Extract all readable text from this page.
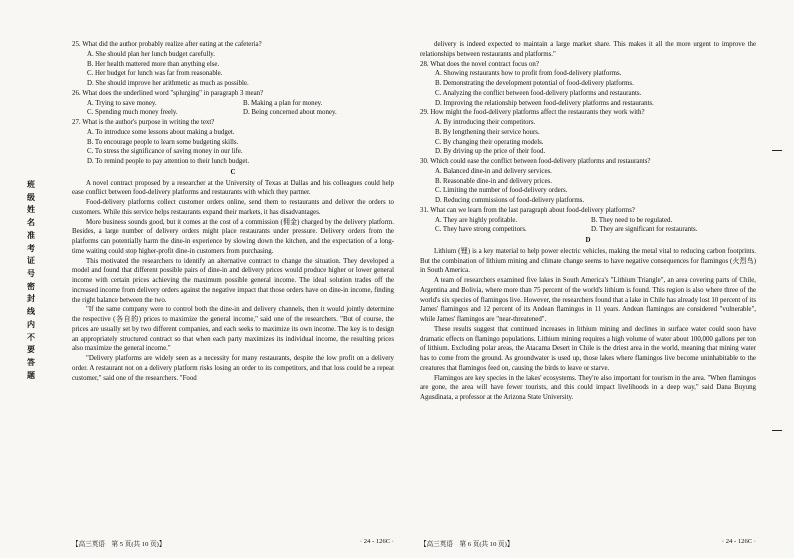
班
级
姓
名
准
考
证
号
密
封
线
内
不
要
答
题
25. What did the author probably realize after eating at the cafeteria?
A. She should plan her lunch budget carefully.
B. Her health mattered more than anything else.
C. Her budget for lunch was far from reasonable.
D. She should improve her arithmetic as much as possible.
26. What does the underlined word "splurging" in paragraph 3 mean?
A. Trying to save money.	B. Making a plan for money.
C. Spending much money freely.	D. Being concerned about money.
27. What is the author's purpose in writing the text?
A. To introduce some lessons about making a budget.
B. To encourage people to learn some budgeting skills.
C. To stress the significance of saving money in our life.
D. To remind people to pay attention to their lunch budget.
C
A novel contract proposed by a researcher at the University of Texas at Dallas and his colleagues could help ease conflict between food-delivery platforms and restaurants with which they partner.
Food-delivery platforms collect customer orders online, send them to restaurants and deliver the orders to customers. While this service helps restaurants expand their markets, it has disadvantages.
More business sounds good, but it comes at the cost of a commission (佣金) charged by the delivery platform. Besides, a large number of delivery orders might place restaurants under pressure. Delivery orders from the platforms can potentially harm the dine-in experience by slowing down the kitchen, and the expectation of a long-time waiting could stop higher-profit dine-in customers from purchasing.
This motivated the researchers to identify an alternative contract to change the situation. They developed a model and found that different possible pairs of dine-in and delivery prices would produce higher or lower general income with certain prices achieving the maximum possible general income. The ideal solution trades off the increased income from delivery orders against the negative impact that those orders have on dine-in income, finding the right balance between the two.
"If the same company were to control both the dine-in and delivery channels, then it would jointly determine the respective (各自的) prices to maximize the general income," said one of the researchers. "But of course, the prices are usually set by two different companies, and each seeks to maximize its own income. The key is to design an appropriately structured contract so that when each party maximizes its individual income, the resulting prices also maximize the general income."
"Delivery platforms are widely seen as a necessity for many restaurants, despite the low profit on a delivery order. A restaurant not on a delivery platform risks losing an order to its competitors, and that loss could be a repeat customer," said one of the researchers. "Food
delivery is indeed expected to maintain a large market share. This makes it all the more urgent to improve the relationships between restaurants and platforms."
28. What does the novel contract focus on?
A. Showing restaurants how to profit from food-delivery platforms.
B. Demonstrating the development potential of food-delivery platforms.
C. Analyzing the conflict between food-delivery platforms and restaurants.
D. Improving the relationship between food-delivery platforms and restaurants.
29. How might the food-delivery platforms affect the restaurants they work with?
A. By introducing their competitors.
B. By lengthening their service hours.
C. By changing their operating models.
D. By driving up the price of their food.
30. Which could ease the conflict between food-delivery platforms and restaurants?
A. Balanced dine-in and delivery services.
B. Reasonable dine-in and delivery prices.
C. Limiting the number of food-delivery orders.
D. Reducing commissions of food-delivery platforms.
31. What can we learn from the last paragraph about food-delivery platforms?
A. They are highly profitable.	B. They need to be regulated.
C. They have strong competitors.	D. They are significant for restaurants.
D
Lithium (锂) is a key material to help power electric vehicles, making the metal vital to reducing carbon footprints. But the combination of lithium mining and climate change seems to have negative consequences for flamingos (火烈鸟) in South America.
A team of researchers examined five lakes in South America's "Lithium Triangle", an area covering parts of Chile, Argentina and Bolivia, where more than 75 percent of the world's lithium is found. This region is also where three of the world's six species of flamingos live. However, the researchers found that a lake in Chile has already lost 10 percent of its James' flamingos and 12 percent of its Andean flamingos in 11 years. Andean flamingos are considered "vulnerable", while James' flamingos are "near-threatened".
These results suggest that continued increases in lithium mining and declines in surface water could soon have dramatic effects on flamingo populations. Lithium mining requires a high volume of water about 100,000 gallons per ton of lithium. Excluding polar areas, the Atacama Desert in Chile is the driest area in the world, meaning that mining water has to come from the ground. As groundwater is used up, those lakes where flamingos live become uninhabitable to the creatures that flamingos feed on, causing the birds to leave or starve.
Flamingos are key species in the lakes' ecosystems. They're also important for tourism in the area. "When flamingos are gone, the area will have fewer tourists, and this could impact livelihoods in a deep way," said Dana Buyung Agusdinata, a professor at the Arizona State University.
【高三英语　第 5 页(共 10 页)】	· 24 - 126C ·	【高三英语　第 6 页(共 10 页)】	· 24 - 126C ·
